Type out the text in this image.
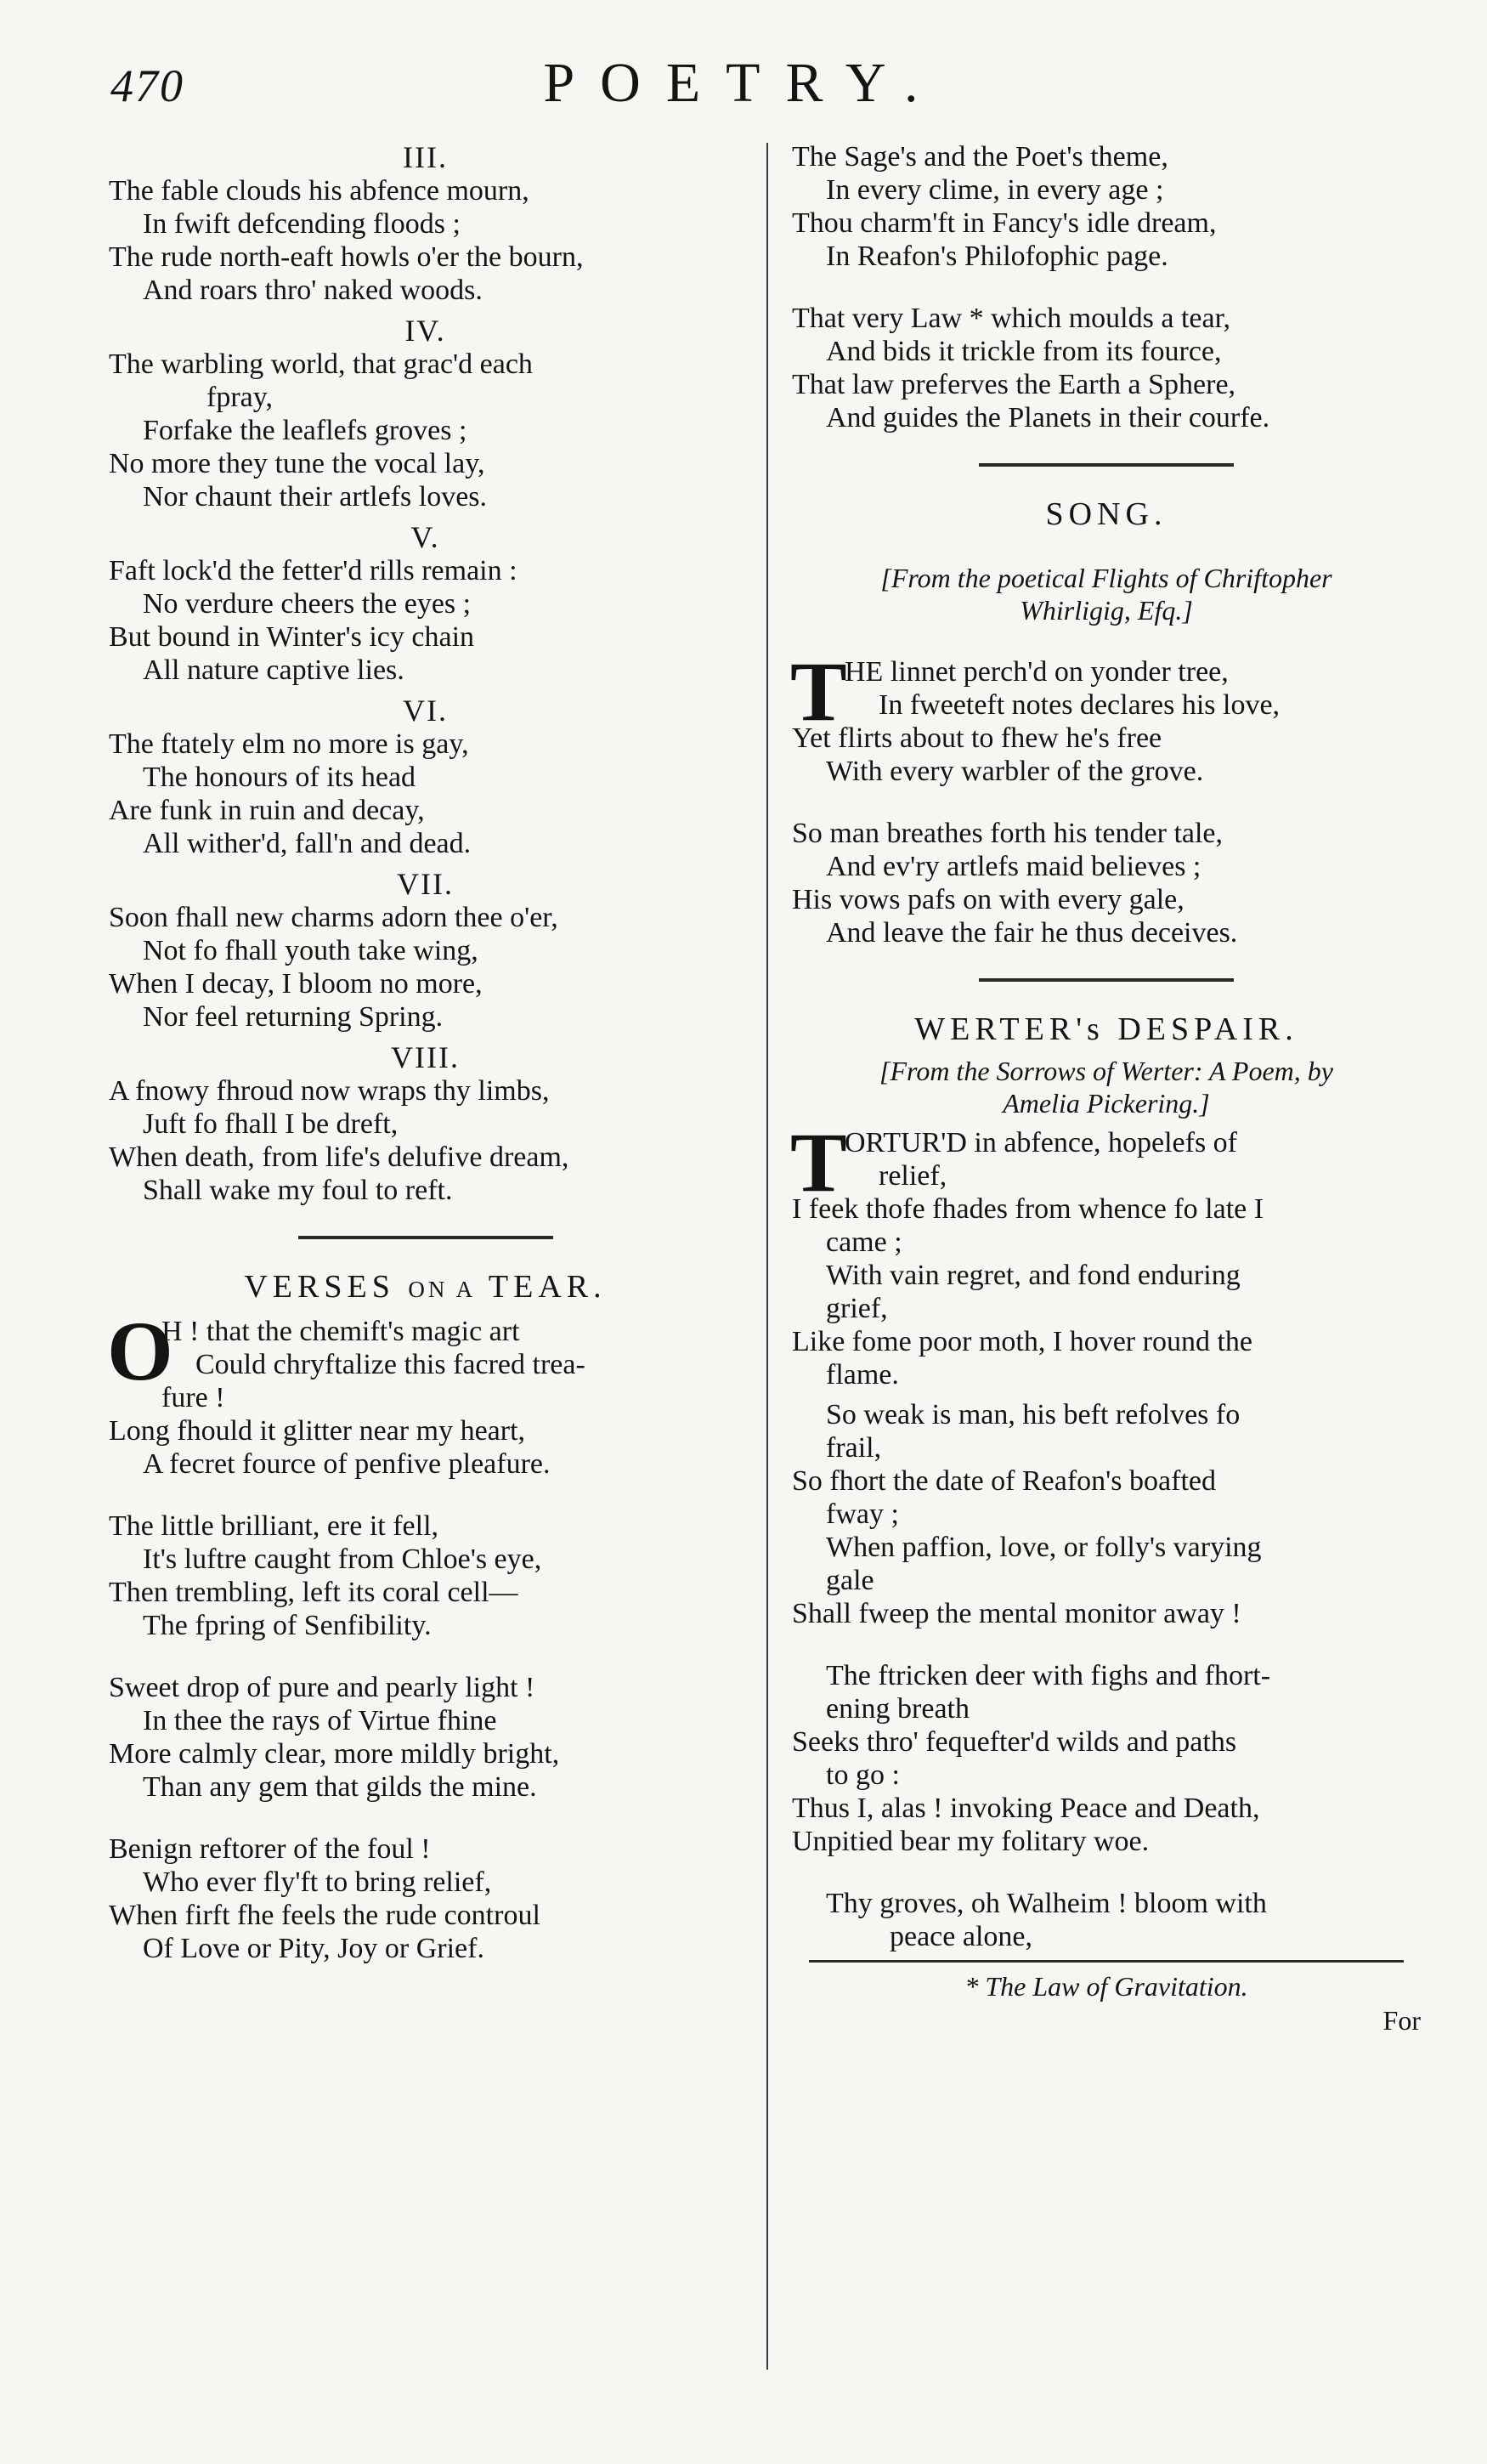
470	POETRY.
III.
The fable clouds his abfence mourn,
In fwift defcending floods ;
The rude north-eaft howls o'er the bourn,
And roars thro' naked woods.
IV.
The warbling world, that grac'd each
fpray,
Forfake the leaflefs groves ;
No more they tune the vocal lay,
Nor chaunt their artlefs loves.
V.
Faft lock'd the fetter'd rills remain :
No verdure cheers the eyes ;
But bound in Winter's icy chain
All nature captive lies.
VI.
The ftately elm no more is gay,
The honours of its head
Are funk in ruin and decay,
All wither'd, fall'n and dead.
VII.
Soon fhall new charms adorn thee o'er,
Not fo fhall youth take wing,
When I decay, I bloom no more,
Nor feel returning Spring.
VIII.
A fnowy fhroud now wraps thy limbs,
Juft fo fhall I be dreft,
When death, from life's delufive dream,
Shall wake my foul to reft.
VERSES ON A TEAR.
O
H ! that the chemift's magic art
Could chryftalize this facred trea-
fure !
Long fhould it glitter near my heart,
A fecret fource of penfive pleafure.
The little brilliant, ere it fell,
It's luftre caught from Chloe's eye,
Then trembling, left its coral cell—
The fpring of Senfibility.
Sweet drop of pure and pearly light !
In thee the rays of Virtue fhine
More calmly clear, more mildly bright,
Than any gem that gilds the mine.
Benign reftorer of the foul !
Who ever fly'ft to bring relief,
When firft fhe feels the rude controul
Of Love or Pity, Joy or Grief.
The Sage's and the Poet's theme,
In every clime, in every age ;
Thou charm'ft in Fancy's idle dream,
In Reafon's Philofophic page.
That very Law * which moulds a tear,
And bids it trickle from its fource,
That law preferves the Earth a Sphere,
And guides the Planets in their courfe.
SONG.
[From the poetical Flights of Chriftopher
Whirligig, Efq.]
T
HE linnet perch'd on yonder tree,
In fweeteft notes declares his love,
Yet flirts about to fhew he's free
With every warbler of the grove.
So man breathes forth his tender tale,
And ev'ry artlefs maid believes ;
His vows pafs on with every gale,
And leave the fair he thus deceives.
WERTER's DESPAIR.
[From the Sorrows of Werter: A Poem, by
Amelia Pickering.]
T
ORTUR'D in abfence, hopelefs of
relief,
I feek thofe fhades from whence fo late I
came ;
With vain regret, and fond enduring
grief,
Like fome poor moth, I hover round the
flame.
So weak is man, his beft refolves fo
frail,
So fhort the date of Reafon's boafted
fway ;
When paffion, love, or folly's varying
gale
Shall fweep the mental monitor away !
The ftricken deer with fighs and fhort-
ening breath
Seeks thro' fequefter'd wilds and paths
to go :
Thus I, alas ! invoking Peace and Death,
Unpitied bear my folitary woe.
Thy groves, oh Walheim ! bloom with
peace alone,
* The Law of Gravitation.
For
